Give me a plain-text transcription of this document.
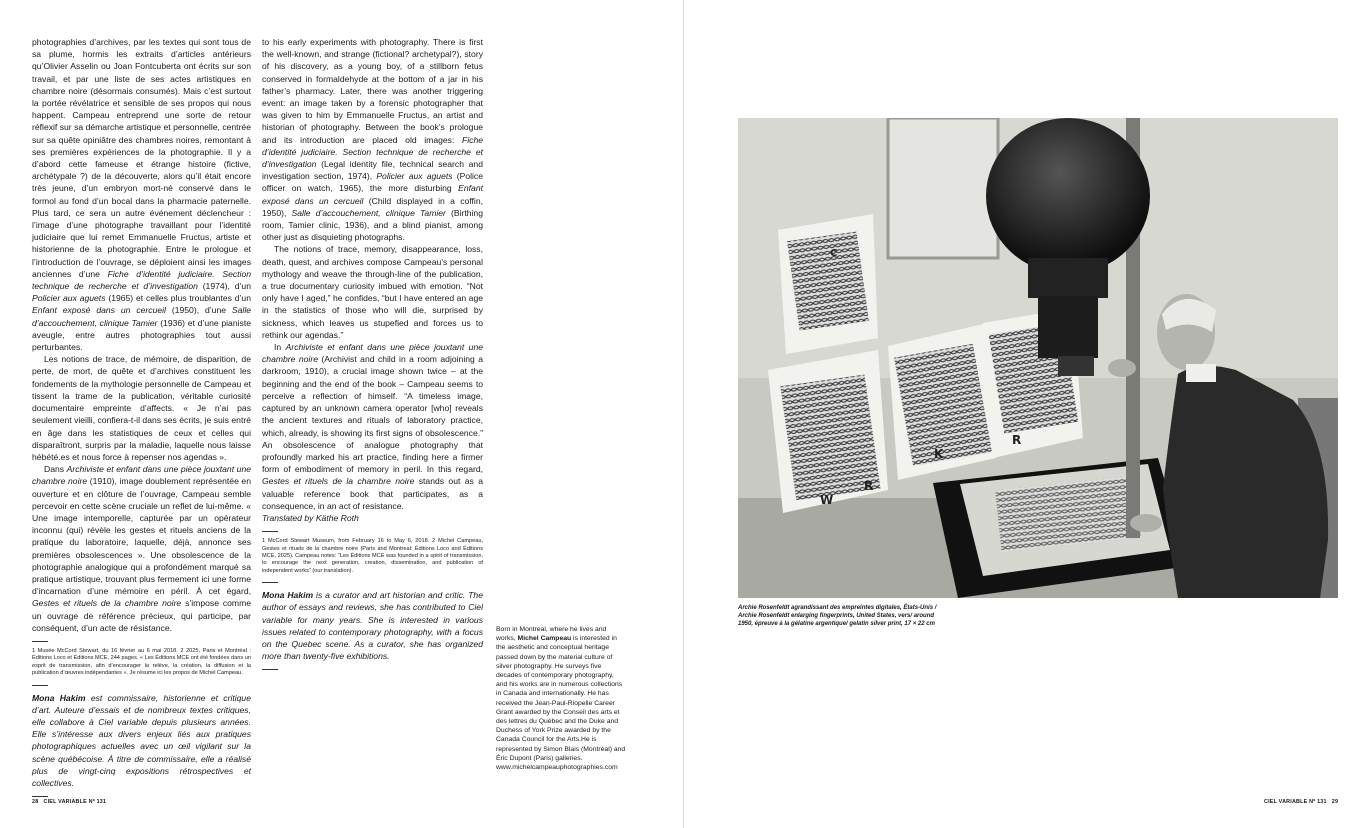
photographies d’archives, par les textes qui sont tous de sa plume, hormis les extraits d’articles antérieurs qu’Olivier Asselin ou Joan Fontcuberta ont écrits sur son travail, et par une liste de ses actes artistiques en chambre noire (désormais consumés). Mais c’est surtout la portée révélatrice et sensible de ses propos qui nous happent. Campeau entreprend une sorte de retour réflexif sur sa démarche artistique et personnelle, centrée sur sa quête opiniâtre des chambres noires, remontant à ses premières expériences de la photographie. Il y a d’abord cette fameuse et étrange histoire (fictive, archétypale ?) de la découverte, alors qu’il était encore très jeune, d’un embryon mort-né conservé dans le formol au fond d’un bocal dans la pharmacie paternelle. Plus tard, ce sera un autre événement déclencheur : l’image d’une photographe travaillant pour l’identité judiciaire que lui remet Emmanuelle Fructus, artiste et historienne de la photographie. Entre le prologue et l’introduction de l’ouvrage, se déploient ainsi les images anciennes d’une Fiche d’identité judiciaire. Section technique de recherche et d’investigation (1974), d’un Policier aux aguets (1965) et celles plus troublantes d’un Enfant exposé dans un cercueil (1950), d’une Salle d’accouchement, clinique Tamier (1936) et d’une pianiste aveugle, entre autres photographies tout aussi perturbantes.

Les notions de trace, de mémoire, de disparition, de perte, de mort, de quête et d’archives constituent les fondements de la mythologie personnelle de Campeau et tissent la trame de la publication, véritable curiosité documentaire empreinte d’affects. « Je n’ai pas seulement vieilli, confiera-t-il dans ses écrits, je suis entré en âge dans les statistiques de ceux et celles qui disparaîtront, surpris par la maladie, laquelle nous laisse hébété.es et nous force à repenser nos agendas ».

Dans Archiviste et enfant dans une pièce jouxtant une chambre noire (1910), image doublement représentée en ouverture et en clôture de l’ouvrage, Campeau semble percevoir en cette scène cruciale un reflet de lui-même. « Une image intemporelle, capturée par un opérateur inconnu (qui) révèle les gestes et rituels anciens de la pratique du laboratoire, laquelle, déjà, annonce ses premières obsolescences ». Une obsolescence de la photographie analogique qui a profondément marqué sa pratique artistique, trouvant plus fermement ici une forme d’incarnation d’une mémoire en péril. À cet égard, Gestes et rituels de la chambre noire s’impose comme un ouvrage de référence précieux, qui participe, par conséquent, d’un acte de résistance.

1 Musée McCord Stewart, du 16 février au 6 mai 2018. 2 2025, Paris et Montréal : Éditions Loco et Éditions MCE, 244 pages. « Les Éditions MCE ont été fondées dans un esprit de transmission, afin d’encourager la relève, la création, la diffusion et la publication d’œuvres indépendantes ». Je résume ici les propos de Michel Campeau.
Mona Hakim est commissaire, historienne et critique d’art. Auteure d’essais et de nombreux textes critiques, elle collabore à Ciel variable depuis plusieurs années. Elle s’intéresse aux divers enjeux liés aux pratiques photographiques actuelles avec un œil vigilant sur la scène québécoise. À titre de commissaire, elle a réalisé plus de vingt-cinq expositions rétrospectives et collectives.

to his early experiments with photography. There is first the well-known, and strange (fictional? archetypal?), story of his discovery, as a young boy, of a stillborn fetus conserved in formaldehyde at the bottom of a jar in his father’s pharmacy. Later, there was another triggering event: an image taken by a forensic photographer that was given to him by Emmanuelle Fructus, an artist and historian of photography. Between the book’s prologue and its introduction are placed old images: Fiche d’identité judiciaire. Section technique de recherche et d’investigation (Legal identity file, technical search and investigation section, 1974), Policier aux aguets (Police officer on watch, 1965), the more disturbing Enfant exposé dans un cercueil (Child displayed in a coffin, 1950), Salle d’accouchement, clinique Tamier (Birthing room, Tamier clinic, 1936), and a blind pianist, among other just as disquieting photographs.

The notions of trace, memory, disappearance, loss, death, quest, and archives compose Campeau’s personal mythology and weave the through-line of the publication, a true documentary curiosity imbued with emotion. “Not only have I aged,” he confides, “but I have entered an age in the statistics of those who will die, surprised by sickness, which leaves us stupefied and forces us to rethink our agendas.”

In Archiviste et enfant dans une pièce jouxtant une chambre noire (Archivist and child in a room adjoining a darkroom, 1910), a crucial image shown twice – at the beginning and the end of the book – Campeau seems to perceive a reflection of himself. “A timeless image, captured by an unknown camera operator [who] reveals the ancient textures and rituals of laboratory practice, which, already, is showing its first signs of obsolescence.” An obsolescence of analogue photography that profoundly marked his art practice, finding here a firmer form of embodiment of memory in peril. In this regard, Gestes et rituels de la chambre noire stands out as a valuable reference book that participates, as a consequence, in an act of resistance.

Translated by Käthe Roth

1 McCord Stewart Museum, from February 16 to May 6, 2018. 2 Michel Campeau, Gestes et rituels de la chambre noire (Paris and Montreal: Éditions Loco and Éditions MCE, 2025). Campeau notes: “Les Éditions MCE was founded in a spirit of transmission, to encourage the next generation, creation, dissemination, and publication of independent works” (our translation).
Mona Hakim is a curator and art historian and critic. The author of essays and reviews, she has contributed to Ciel variable for many years. She is interested in various issues related to contemporary photography, with a focus on the Quebec scene. As a curator, she has organized more than twenty-five exhibitions.
Born in Montreal, where he lives and works, Michel Campeau is interested in the aesthetic and conceptual heritage passed down by the material culture of silver photography. He surveys five decades of contemporary photography, and his works are in numerous collections in Canada and internationally. He has received the Jean-Paul-Riopelle Career Grant awarded by the Conseil des arts et des lettres du Québec and the Duke and Duchess of York Prize awarded by the Canada Council for the Arts.He is represented by Simon Blais (Montréal) and Éric Dupont (Paris) galleries.
www.michelcampeauphotographies.com
28 CIEL VARIABLE Nº 131	CIEL VARIABLE Nº 131 29
W
R
K
R
C
Archie Rosenfeldt agrandissant des empreintes digitales, États-Unis / Archie Rosenfeldt enlarging fingerprints, United States, vers/ around 1950, épreuve à la gélatine argentique/ gelatin silver print, 17 × 22 cm
